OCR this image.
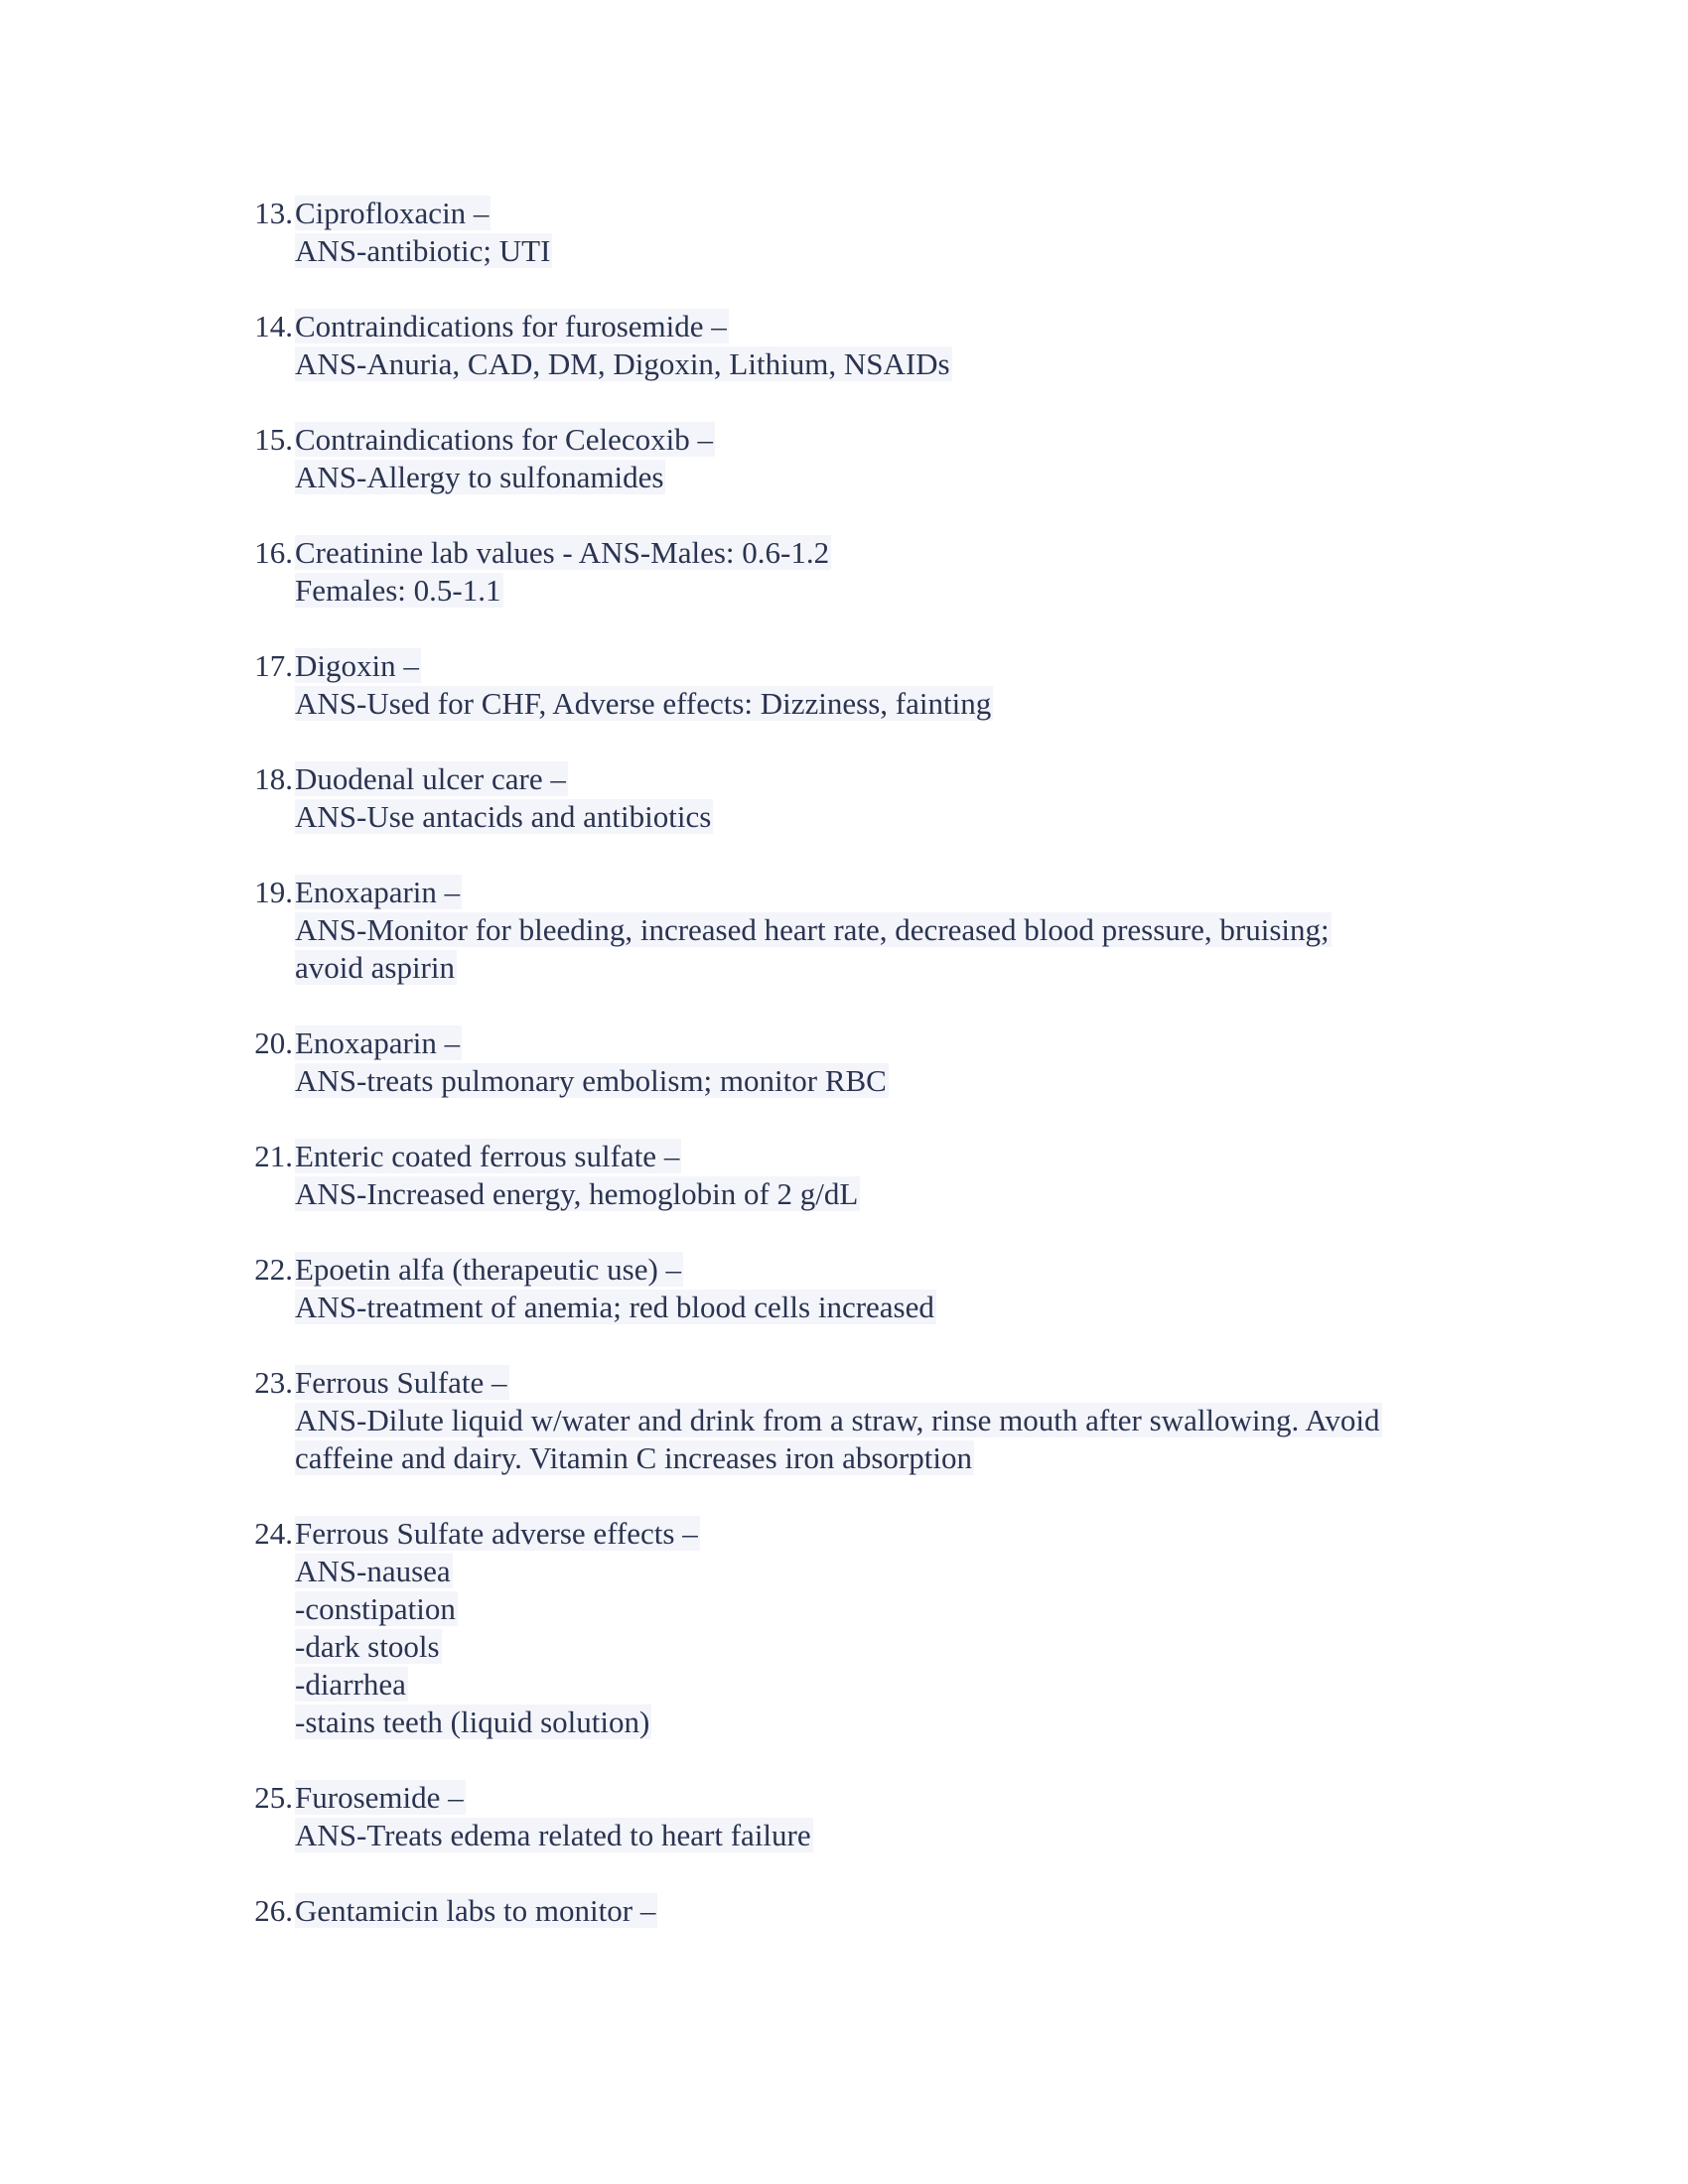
13. Ciprofloxacin –
ANS-antibiotic; UTI
14. Contraindications for furosemide –
ANS-Anuria, CAD, DM, Digoxin, Lithium, NSAIDs
15. Contraindications for Celecoxib –
ANS-Allergy to sulfonamides
16. Creatinine lab values - ANS-Males: 0.6-1.2
Females: 0.5-1.1
17. Digoxin –
ANS-Used for CHF, Adverse effects: Dizziness, fainting
18. Duodenal ulcer care –
ANS-Use antacids and antibiotics
19. Enoxaparin –
ANS-Monitor for bleeding, increased heart rate, decreased blood pressure, bruising;
avoid aspirin
20. Enoxaparin –
ANS-treats pulmonary embolism; monitor RBC
21. Enteric coated ferrous sulfate –
ANS-Increased energy, hemoglobin of 2 g/dL
22. Epoetin alfa (therapeutic use) –
ANS-treatment of anemia; red blood cells increased
23. Ferrous Sulfate –
ANS-Dilute liquid w/water and drink from a straw, rinse mouth after swallowing. Avoid
caffeine and dairy. Vitamin C increases iron absorption
24. Ferrous Sulfate adverse effects –
ANS-nausea
-constipation
-dark stools
-diarrhea
-stains teeth (liquid solution)
25. Furosemide –
ANS-Treats edema related to heart failure
26. Gentamicin labs to monitor –
